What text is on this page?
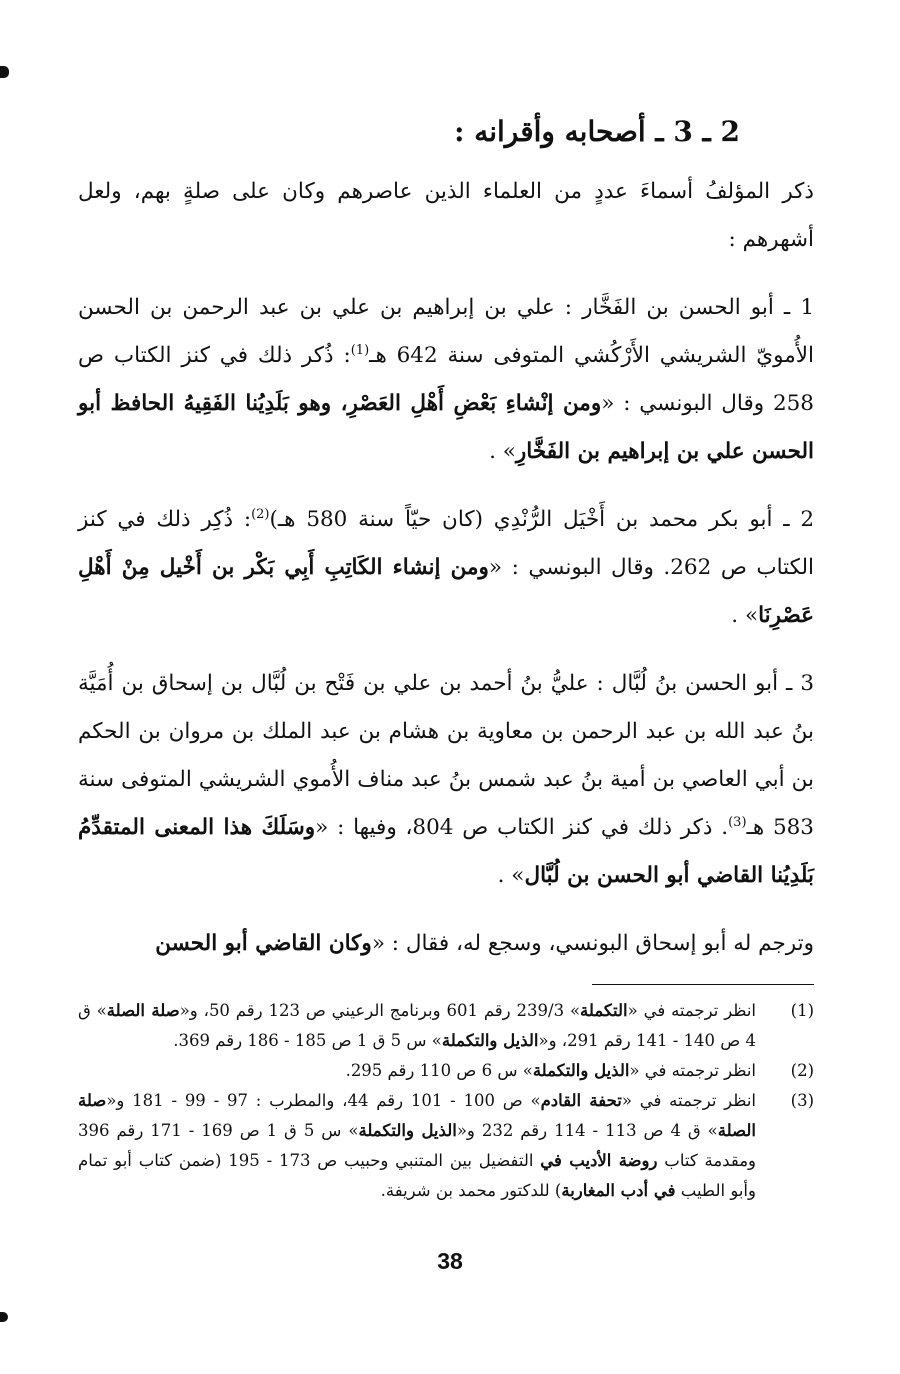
2 ـ 3 ـ أصحابه وأقرانه :

ذكر المؤلفُ أسماءَ عددٍ من العلماء الذين عاصرهم وكان على صلةٍ بهم، ولعل أشهرهم :

1 ـ أبو الحسن بن الفَخَّار : علي بن إبراهيم بن علي بن عبد الرحمن بن الحسن الأُمويّ الشريشي الأَرْكُشي المتوفى سنة 642 هـ$^{(1)}$: ذُكر ذلك في كنز الكتاب ص 258 وقال البونسي : «ومن إنْشاءِ بَعْضِ أَهْلِ العَصْرِ، وهو بَلَدِيُنا الفَقِيهُ الحافظ أبو الحسن علي بن إبراهيم بن الفَخَّارِ» .

2 ـ أبو بكر محمد بن أَخْيَل الرُّنْدِي (كان حيّاً سنة 580 هـ)$^{(2)}$: ذُكِر ذلك في كنز الكتاب ص 262. وقال البونسي : «ومن إنشاء الكَاتِبِ أَبِي بَكْر بن أَخْيل مِنْ أَهْلِ عَصْرِنَا» .

3 ـ أبو الحسن بنُ لُبَّال : عليُّ بنُ أحمد بن علي بن فَتْح بن لُبَّال بن إسحاق بن أُمَيَّة بنُ عبد الله بن عبد الرحمن بن معاوية بن هشام بن عبد الملك بن مروان بن الحكم بن أبي العاصي بن أمية بنُ عبد شمس بنُ عبد مناف الأُموي الشريشي المتوفى سنة 583 هـ$^{(3)}$. ذكر ذلك في كنز الكتاب ص 804، وفيها : «وسَلَكَ هذا المعنى المتقدِّمُ بَلَدِيُنا القاضي أبو الحسن بن لُبَّال» .

وترجم له أبو إسحاق البونسي، وسجع له، فقال : «وكان القاضي أبو الحسن

(1)
انظر ترجمته في «التكملة» 239/3 رقم 601 وبرنامج الرعيني ص 123 رقم 50، و«صلة الصلة» ق 4 ص 140 - 141 رقم 291، و«الذيل والتكملة» س 5 ق 1 ص 185 - 186 رقم 369.
(2)
انظر ترجمته في «الذيل والتكملة» س 6 ص 110 رقم 295.
(3)
انظر ترجمته في «تحفة القادم» ص 100 - 101 رقم 44، والمطرب : 97 - 99 - 181 و«صلة الصلة» ق 4 ص 113 - 114 رقم 232 و«الذيل والتكملة» س 5 ق 1 ص 169 - 171 رقم 396 ومقدمة كتاب روضة الأديب في التفضيل بين المتنبي وحبيب ص 173 - 195 (ضمن كتاب أبو تمام وأبو الطيب في أدب المغاربة) للدكتور محمد بن شريفة.
38
